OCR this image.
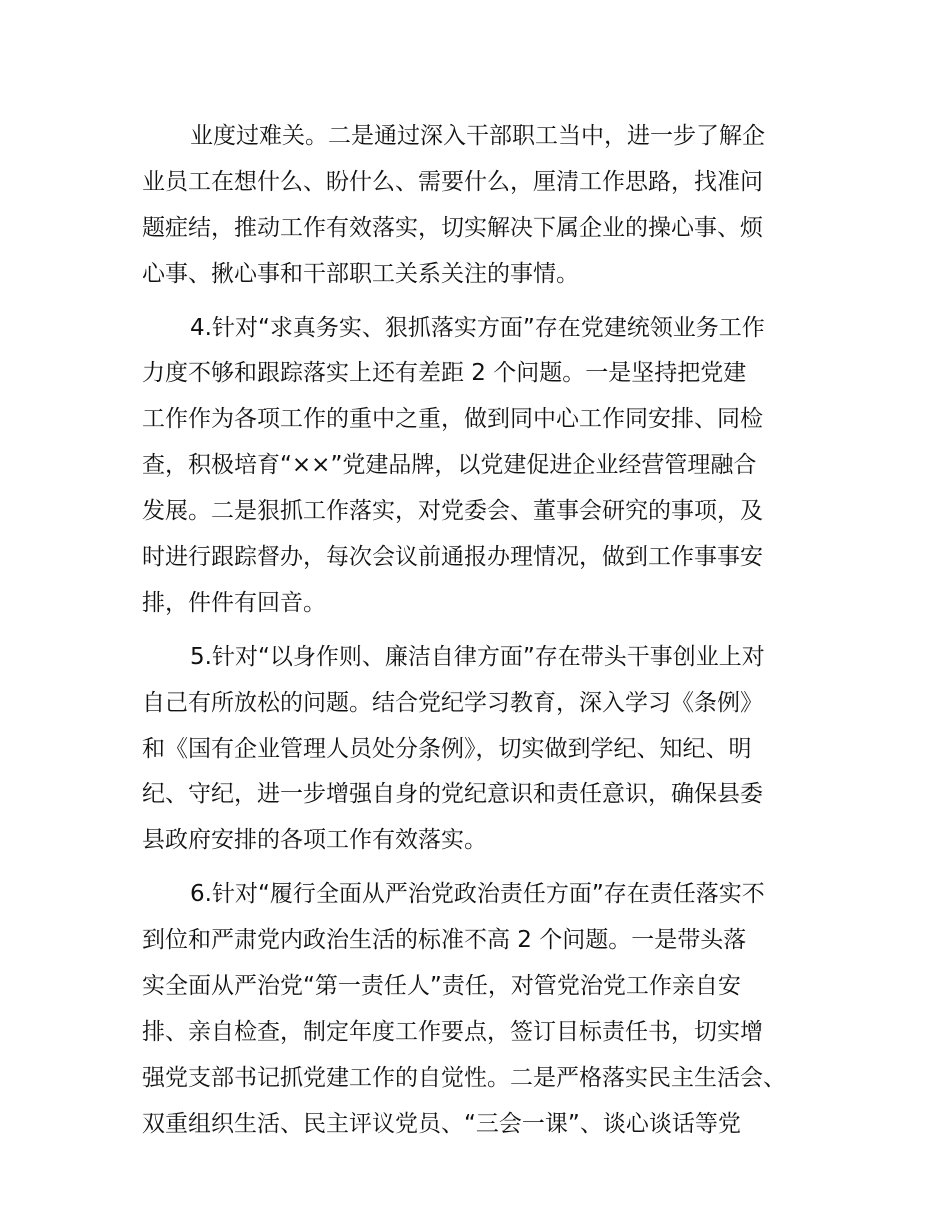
业度过难关。二是通过深入干部职工当中，进一步了解企
业员工在想什么、盼什么、需要什么，厘清工作思路，找准问
题症结，推动工作有效落实，切实解决下属企业的操心事、烦
心事、揪心事和干部职工关系关注的事情。
4.针对“求真务实、狠抓落实方面”存在党建统领业务工作
力度不够和跟踪落实上还有差距 2 个问题。一是坚持把党建
工作作为各项工作的重中之重，做到同中心工作同安排、同检
查，积极培育“××”党建品牌，以党建促进企业经营管理融合
发展。二是狠抓工作落实，对党委会、董事会研究的事项，及
时进行跟踪督办，每次会议前通报办理情况，做到工作事事安
排，件件有回音。
5.针对“以身作则、廉洁自律方面”存在带头干事创业上对
自己有所放松的问题。结合党纪学习教育，深入学习《条例》
和《国有企业管理人员处分条例》，切实做到学纪、知纪、明
纪、守纪，进一步增强自身的党纪意识和责任意识，确保县委
县政府安排的各项工作有效落实。
6.针对“履行全面从严治党政治责任方面”存在责任落实不
到位和严肃党内政治生活的标准不高 2 个问题。一是带头落
实全面从严治党“第一责任人”责任，对管党治党工作亲自安
排、亲自检查，制定年度工作要点，签订目标责任书，切实增
强党支部书记抓党建工作的自觉性。二是严格落实民主生活会、
双重组织生活、民主评议党员、“三会一课”、谈心谈话等党
